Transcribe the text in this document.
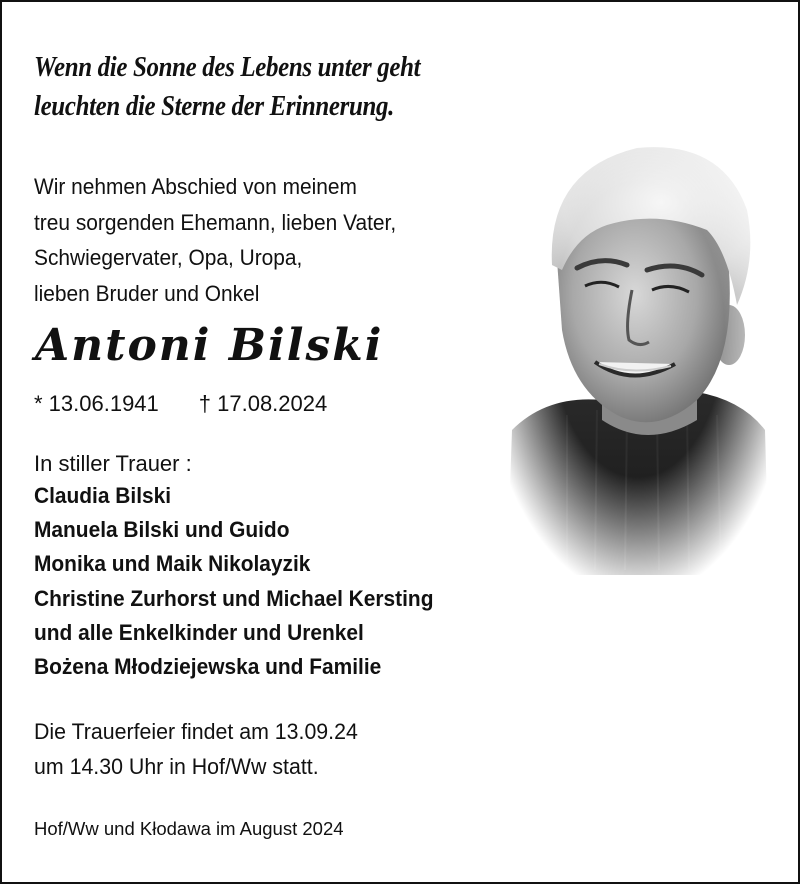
Wenn die Sonne des Lebens unter geht
leuchten die Sterne der Erinnerung.
Wir nehmen Abschied von meinem
treu sorgenden Ehemann, lieben Vater,
Schwiegervater, Opa, Uropa,
lieben Bruder und Onkel
Antoni Bilski
* 13.06.1941 † 17.08.2024
In stiller Trauer :
Claudia Bilski
Manuela Bilski und Guido
Monika und Maik Nikolayzik
Christine Zurhorst und Michael Kersting
und alle Enkelkinder und Urenkel
Bożena Młodziejewska und Familie
Die Trauerfeier findet am 13.09.24
um 14.30 Uhr in Hof/Ww statt.
Hof/Ww und Kłodawa im August 2024
